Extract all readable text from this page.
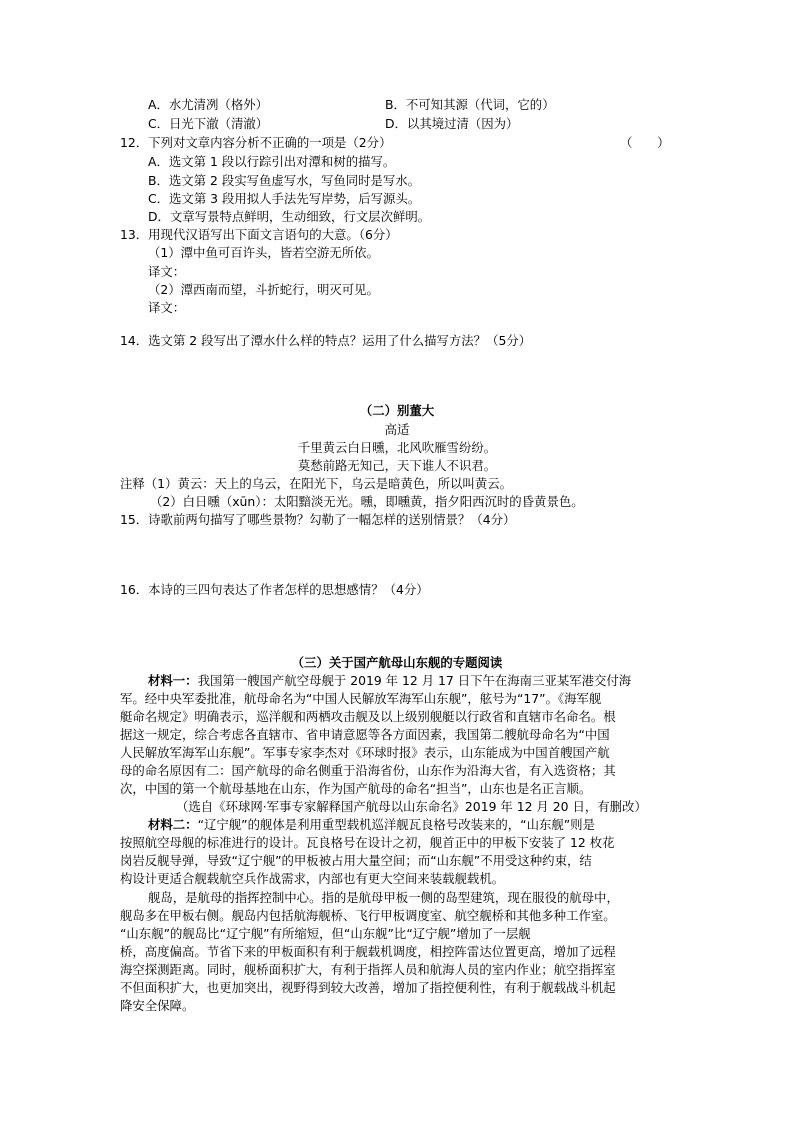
A．水尤清冽（格外）	B．不可知其源（代词，它的）
C．日光下澈（清澈）	D．以其境过清（因为）
12．下列对文章内容分析不正确的一项是（2分）	（　　）
A．选文第 1 段以行踪引出对潭和树的描写。
B．选文第 2 段实写鱼虚写水，写鱼同时是写水。
C．选文第 3 段用拟人手法先写岸势，后写源头。
D．文章写景特点鲜明，生动细致，行文层次鲜明。
13．用现代汉语写出下面文言语句的大意。（6分）
（1）潭中鱼可百许头，皆若空游无所依。
译文：
（2）潭西南而望，斗折蛇行，明灭可见。
译文：
14．选文第 2 段写出了潭水什么样的特点？运用了什么描写方法？（5分）
（二）别董大
高适
千里黄云白日曛，北风吹雁雪纷纷。
莫愁前路无知己，天下谁人不识君。
注释（1）黄云：天上的乌云，在阳光下，乌云是暗黄色，所以叫黄云。
（2）白日曛（xūn）：太阳黯淡无光。曛，即曛黄，指夕阳西沉时的昏黄景色。
15．诗歌前两句描写了哪些景物？勾勒了一幅怎样的送别情景？（4分）
16．本诗的三四句表达了作者怎样的思想感情？（4分）
（三）关于国产航母山东舰的专题阅读
材料一：我国第一艘国产航空母舰于 2019 年 12 月 17 日下午在海南三亚某军港交付海
军。经中央军委批准，航母命名为“中国人民解放军海军山东舰”，舷号为“17”。《海军舰
艇命名规定》明确表示，巡洋舰和两栖攻击舰及以上级别舰艇以行政省和直辖市名命名。根
据这一规定，综合考虑各直辖市、省申请意愿等各方面因素，我国第二艘航母命名为“中国
人民解放军海军山东舰”。军事专家李杰对《环球时报》表示，山东能成为中国首艘国产航
母的命名原因有二：国产航母的命名侧重于沿海省份，山东作为沿海大省，有入选资格；其
次，中国的第一个航母基地在山东，作为国产航母的命名“担当”，山东也是名正言顺。
（选自《环球网·军事专家解释国产航母以山东命名》2019 年 12 月 20 日，有删改）
材料二：“辽宁舰”的舰体是利用重型载机巡洋舰瓦良格号改装来的，“山东舰”则是
按照航空母舰的标准进行的设计。瓦良格号在设计之初，舰首正中的甲板下安装了 12 枚花
岗岩反舰导弹，导致“辽宁舰”的甲板被占用大量空间；而“山东舰”不用受这种约束，结
构设计更适合舰载航空兵作战需求，内部也有更大空间来装载舰载机。
舰岛，是航母的指挥控制中心。指的是航母甲板一侧的岛型建筑，现在服役的航母中，
舰岛多在甲板右侧。舰岛内包括航海舰桥、飞行甲板调度室、航空舰桥和其他多种工作室。
“山东舰”的舰岛比“辽宁舰”有所缩短，但“山东舰”比“辽宁舰”增加了一层舰
桥，高度偏高。节省下来的甲板面积有利于舰载机调度，相控阵雷达位置更高，增加了远程
海空探测距离。同时，舰桥面积扩大，有利于指挥人员和航海人员的室内作业；航空指挥室
不但面积扩大，也更加突出，视野得到较大改善，增加了指控便利性，有利于舰载战斗机起
降安全保障。
